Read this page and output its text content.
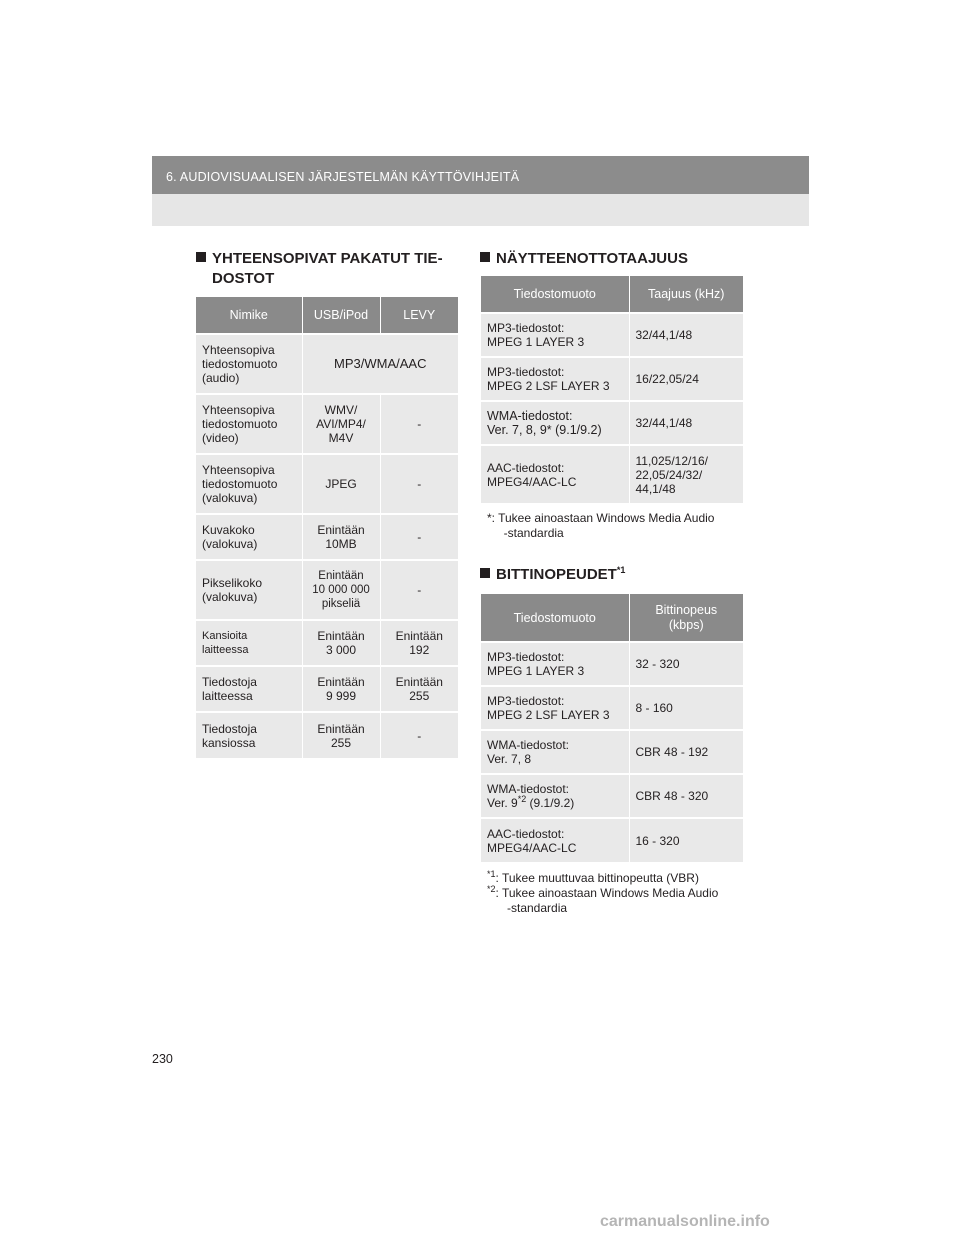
6. AUDIOVISUAALISEN JÄRJESTELMÄN KÄYTTÖVIHJEITÄ
YHTEENSOPIVAT PAKATUT TIE-
DOSTOT
Nimike	USB/iPod	LEVY
Yhteensopiva
tiedostomuoto
(audio)	MP3/WMA/AAC	
Yhteensopiva
tiedostomuoto
(video)	WMV/
AVI/MP4/
M4V	-
Yhteensopiva
tiedostomuoto
(valokuva)	JPEG	-
Kuvakoko
(valokuva)	Enintään
10MB	-
Pikselikoko
(valokuva)	Enintään
10 000 000
pikseliä	-
Kansioita laitteessa	Enintään
3 000	Enintään
192
Tiedostoja
laitteessa	Enintään
9 999	Enintään
255
Tiedostoja
kansiossa	Enintään
255	-
NÄYTTEENOTTOTAAJUUS
Tiedostomuoto	Taajuus (kHz)
MP3-tiedostot:
MPEG 1 LAYER 3	32/44,1/48
MP3-tiedostot:
MPEG 2 LSF LAYER 3	16/22,05/24
WMA-tiedostot:
Ver. 7, 8, 9* (9.1/9.2)	32/44,1/48
AAC-tiedostot:
MPEG4/AAC-LC	11,025/12/16/
22,05/24/32/
44,1/48
*: Tukee ainoastaan Windows Media Audio
-standardia
BITTINOPEUDET$^{*1}$
Tiedostomuoto	Bittinopeus
(kbps)
MP3-tiedostot:
MPEG 1 LAYER 3	32 - 320
MP3-tiedostot:
MPEG 2 LSF LAYER 3	8 - 160
WMA-tiedostot:
Ver. 7, 8	CBR 48 - 192
WMA-tiedostot:
Ver. 9$^{*2}$ (9.1/9.2)	CBR 48 - 320
AAC-tiedostot:
MPEG4/AAC-LC	16 - 320
$^{*1}$: Tukee muuttuvaa bittinopeutta (VBR)
$^{*2}$: Tukee ainoastaan Windows Media Audio
-standardia
230
carmanualsonline.info
